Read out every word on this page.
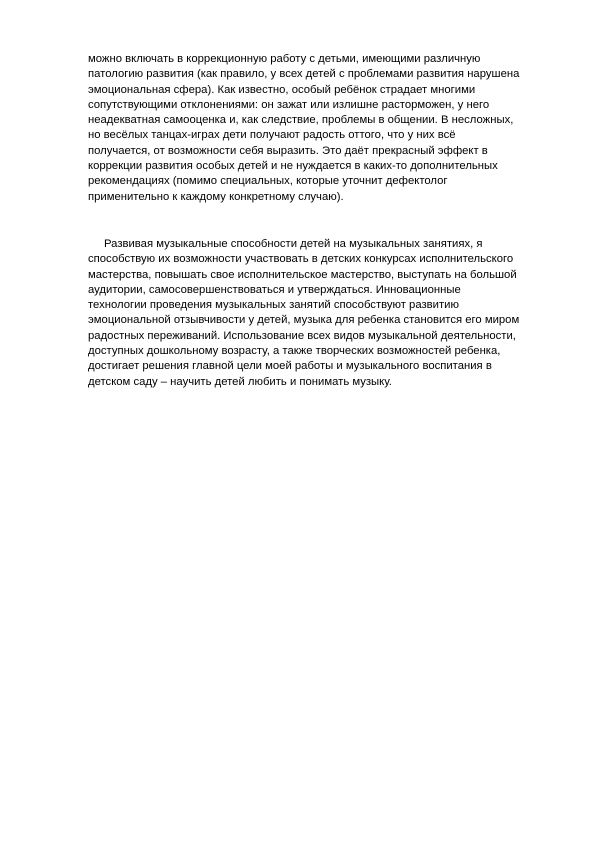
можно включать в коррекционную работу с детьми, имеющими различную
патологию развития (как правило, у всех детей с проблемами развития нарушена
эмоциональная сфера). Как известно, особый ребёнок страдает многими
сопутствующими отклонениями: он зажат или излишне расторможен, у него
неадекватная самооценка и, как следствие, проблемы в общении. В несложных,
но весёлых танцах-играх дети получают радость оттого, что у них всё
получается, от возможности себя выразить. Это даёт прекрасный эффект в
коррекции развития особых детей и не нуждается в каких-то дополнительных
рекомендациях (помимо специальных, которые уточнит дефектолог
применительно к каждому конкретному случаю).
Развивая музыкальные способности детей на музыкальных занятиях, я
способствую их возможности участвовать в детских конкурсах исполнительского
мастерства, повышать свое исполнительское мастерство, выступать на большой
аудитории, самосовершенствоваться и утверждаться. Инновационные
технологии проведения музыкальных занятий способствуют развитию
эмоциональной отзывчивости у детей, музыка для ребенка становится его миром
радостных переживаний. Использование всех видов музыкальной деятельности,
доступных дошкольному возрасту, а также творческих возможностей ребенка,
достигает решения главной цели моей работы и музыкального воспитания в
детском саду – научить детей любить и понимать музыку.
